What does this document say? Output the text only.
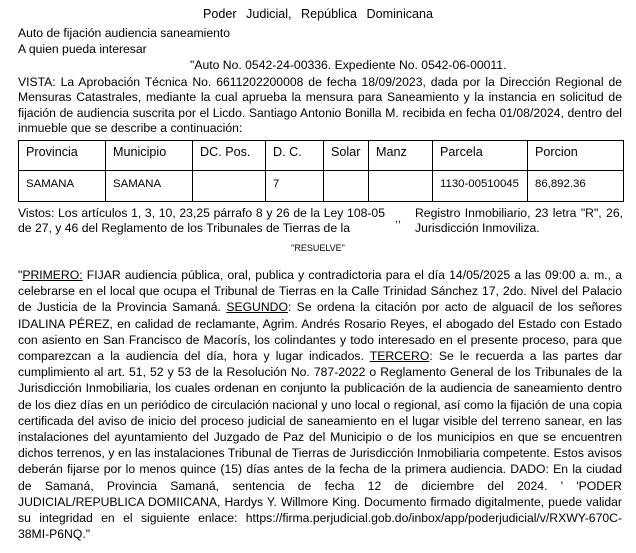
Poder Judicial, República Dominicana
Auto de fijación audiencia saneamiento
A quien pueda interesar
"Auto No. 0542-24-00336. Expediente No. 0542-06-00011.
VISTA: La Aprobación Técnica No. 6611202200008 de fecha 18/09/2023, dada por la Dirección Regional de Mensuras Catastrales, mediante la cual aprueba la mensura para Saneamiento y la instancia en solicitud de fijación de audiencia suscrita por el Licdo. Santiago Antonio Bonilla M. recibida en fecha 01/08/2024, dentro del inmueble que se describe a continuación:
Provincia	Municipio	DC. Pos.	D. C.	Solar	Manz	Parcela	Porcion
SAMANA	SAMANA		7			1130-00510045	86,892.36
Vistos: Los artículos 1, 3, 10, 23,25 párrafo 8 y 26 de la Ley 108-05 de 27, y 46 del Reglamento de los Tribunales de Tierras de la
,, Registro Inmobiliario, 23 letra "R", 26, Jurisdicción Inmoviliza.
"RESUELVE"
"PRIMERO: FIJAR audiencia pública, oral, publica y contradictoria para el día 14/05/2025 a las 09:00 a. m., a celebrarse en el local que ocupa el Tribunal de Tierras en la Calle Trinidad Sánchez 17, 2do. Nivel del Palacio de Justicia de la Provincia Samaná. SEGUNDO: Se ordena la citación por acto de alguacil de los señores IDALINA PÉREZ, en calidad de reclamante, Agrim. Andrés Rosario Reyes, el abogado del Estado con Estado con asiento en San Francisco de Macorís, los colindantes y todo interesado en el presente proceso, para que comparezcan a la audiencia del día, hora y lugar indicados. TERCERO: Se le recuerda a las partes dar cumplimiento al art. 51, 52 y 53 de la Resolución No. 787-2022 o Reglamento General de los Tribunales de la Jurisdicción Inmobiliaria, los cuales ordenan en conjunto la publicación de la audiencia de saneamiento dentro de los diez días en un periódico de circulación nacional y uno local o regional, así como la fijación de una copia certificada del aviso de inicio del proceso judicial de saneamiento en el lugar visible del terreno sanear, en las instalaciones del ayuntamiento del Juzgado de Paz del Municipio o de los municipios en que se encuentren dichos terrenos, y en las instalaciones Tribunal de Tierras de Jurisdicción Inmobiliaria competente. Estos avisos deberán fijarse por lo menos quince (15) días antes de la fecha de la primera audiencia. DADO: En la ciudad de Samaná, Provincia Samaná, sentencia de fecha 12 de diciembre del 2024. ' 'PODER JUDICIAL/REPUBLICA DOMIICANA, Hardys Y. Willmore King. Documento firmado digitalmente, puede validar su integridad en el siguiente enlace: https://firma.perjudicial.gob.do/inbox/app/poderjudicial/v/RXWY-670C-38MI-P6NQ."
